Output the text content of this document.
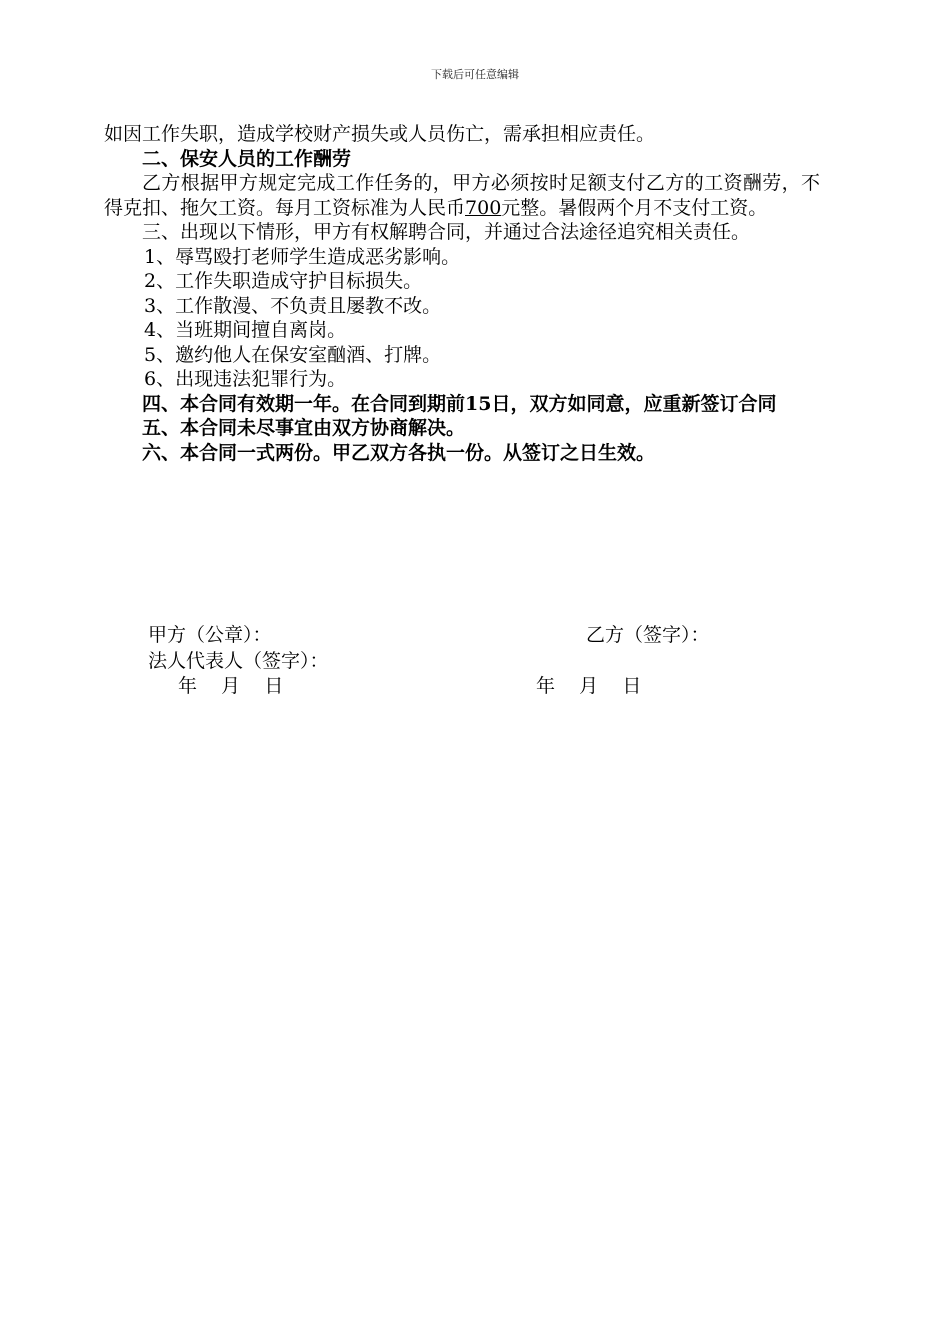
下载后可任意编辑

如因工作失职，造成学校财产损失或人员伤亡，需承担相应责任。

二、保安人员的工作酬劳

乙方根据甲方规定完成工作任务的，甲方必须按时足额支付乙方的工资酬劳，不得克扣、拖欠工资。每月工资标准为人民币700元整。暑假两个月不支付工资。

三、出现以下情形，甲方有权解聘合同，并通过合法途径追究相关责任。

1、辱骂殴打老师学生造成恶劣影响。

2、工作失职造成守护目标损失。

3、工作散漫、不负责且屡教不改。

4、当班期间擅自离岗。

5、邀约他人在保安室酗酒、打牌。

6、出现违法犯罪行为。

四、本合同有效期一年。在合同到期前15日，双方如同意，应重新签订合同

五、本合同未尽事宜由双方协商解决。

六、本合同一式两份。甲乙双方各执一份。从签订之日生效。

甲方（公章）：	乙方（签字）：
法人代表人（签字）：
年    月    日	年    月    日
